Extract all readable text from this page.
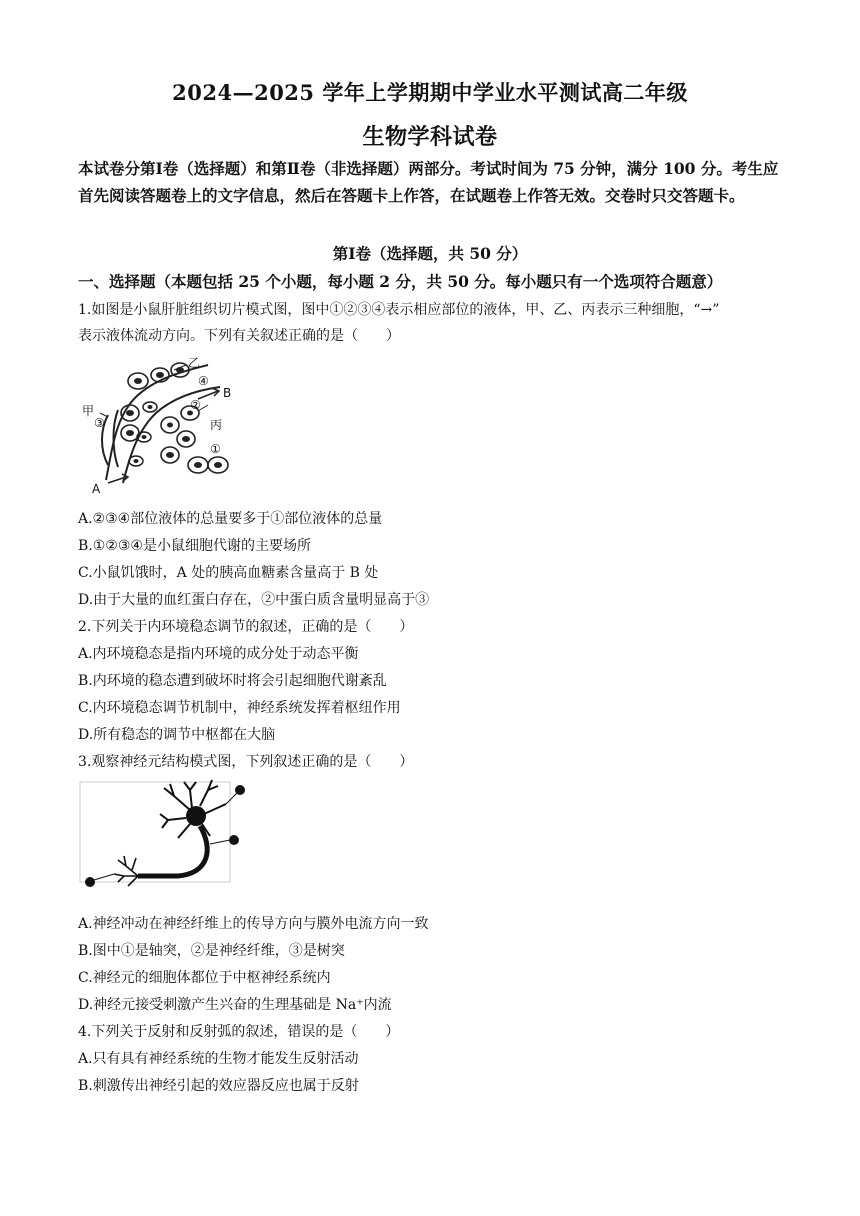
2024—2025 学年上学期期中学业水平测试高二年级
生物学科试卷
本试卷分第Ⅰ卷（选择题）和第Ⅱ卷（非选择题）两部分。考试时间为 75 分钟，满分 100 分。考生应首先阅读答题卷上的文字信息，然后在答题卡上作答，在试题卷上作答无效。交卷时只交答题卡。
第Ⅰ卷（选择题，共 50 分）
一、选择题（本题包括 25 个小题，每小题 2 分，共 50 分。每小题只有一个选项符合题意）
1.如图是小鼠肝脏组织切片模式图，图中①②③④表示相应部位的液体，甲、乙、丙表示三种细胞，“→”
表示液体流动方向。下列有关叙述正确的是（　　）
乙
④
B
②
丙
甲
③
①
A
A.②③④部位液体的总量要多于①部位液体的总量
B.①②③④是小鼠细胞代谢的主要场所
C.小鼠饥饿时，A 处的胰高血糖素含量高于 B 处
D.由于大量的血红蛋白存在，②中蛋白质含量明显高于③
2.下列关于内环境稳态调节的叙述，正确的是（　　）
A.内环境稳态是指内环境的成分处于动态平衡
B.内环境的稳态遭到破坏时将会引起细胞代谢紊乱
C.内环境稳态调节机制中，神经系统发挥着枢纽作用
D.所有稳态的调节中枢都在大脑
3.观察神经元结构模式图，下列叙述正确的是（　　）
A.神经冲动在神经纤维上的传导方向与膜外电流方向一致
B.图中①是轴突，②是神经纤维，③是树突
C.神经元的细胞体都位于中枢神经系统内
D.神经元接受刺激产生兴奋的生理基础是 Na⁺内流
4.下列关于反射和反射弧的叙述，错误的是（　　）
A.只有具有神经系统的生物才能发生反射活动
B.刺激传出神经引起的效应器反应也属于反射
